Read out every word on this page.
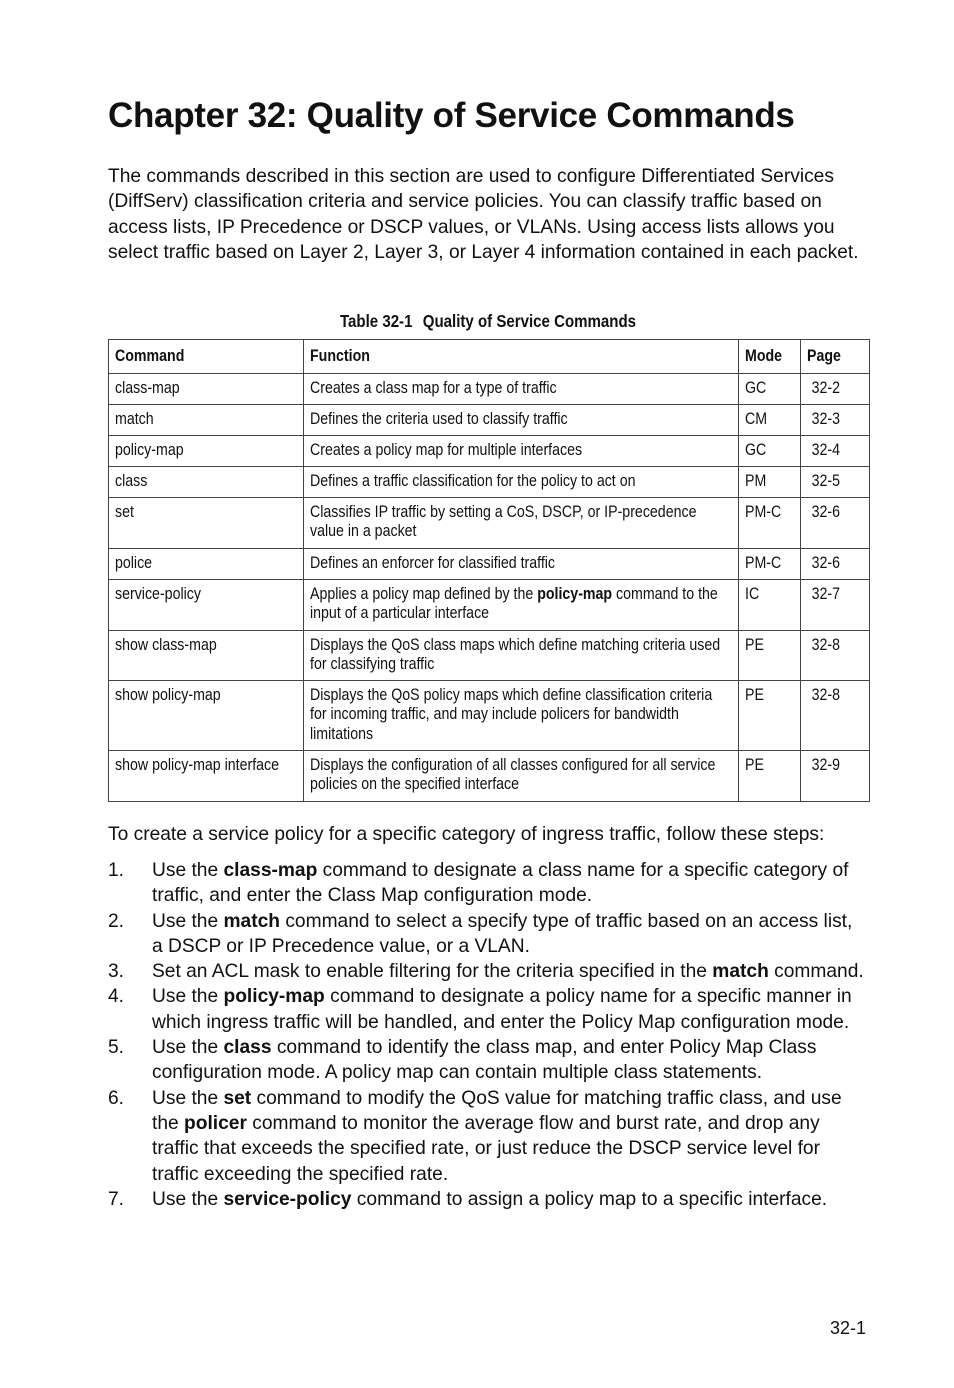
Chapter 32: Quality of Service Commands

The commands described in this section are used to configure Differentiated Services (DiffServ) classification criteria and service policies. You can classify traffic based on access lists, IP Precedence or DSCP values, or VLANs. Using access lists allows you select traffic based on Layer 2, Layer 3, or Layer 4 information contained in each packet.

Table 32-1 Quality of Service Commands
Command	Function	Mode	Page
class-map	Creates a class map for a type of traffic	GC	32-2
match	Defines the criteria used to classify traffic	CM	32-3
policy-map	Creates a policy map for multiple interfaces	GC	32-4
class	Defines a traffic classification for the policy to act on	PM	32-5
set	Classifies IP traffic by setting a CoS, DSCP, or IP-precedence value in a packet	PM-C	32-6
police	Defines an enforcer for classified traffic	PM-C	32-6
service-policy	Applies a policy map defined by the policy-map command to the input of a particular interface	IC	32-7
show class-map	Displays the QoS class maps which define matching criteria used for classifying traffic	PE	32-8
show policy-map	Displays the QoS policy maps which define classification criteria for incoming traffic, and may include policers for bandwidth limitations	PE	32-8
show policy-map interface	Displays the configuration of all classes configured for all service policies on the specified interface	PE	32-9

To create a service policy for a specific category of ingress traffic, follow these steps:

1. Use the class-map command to designate a class name for a specific category of traffic, and enter the Class Map configuration mode.
2. Use the match command to select a specify type of traffic based on an access list, a DSCP or IP Precedence value, or a VLAN.
3. Set an ACL mask to enable filtering for the criteria specified in the match command.
4. Use the policy-map command to designate a policy name for a specific manner in which ingress traffic will be handled, and enter the Policy Map configuration mode.
5. Use the class command to identify the class map, and enter Policy Map Class configuration mode. A policy map can contain multiple class statements.
6. Use the set command to modify the QoS value for matching traffic class, and use the policer command to monitor the average flow and burst rate, and drop any traffic that exceeds the specified rate, or just reduce the DSCP service level for traffic exceeding the specified rate.
7. Use the service-policy command to assign a policy map to a specific interface.
32-1
